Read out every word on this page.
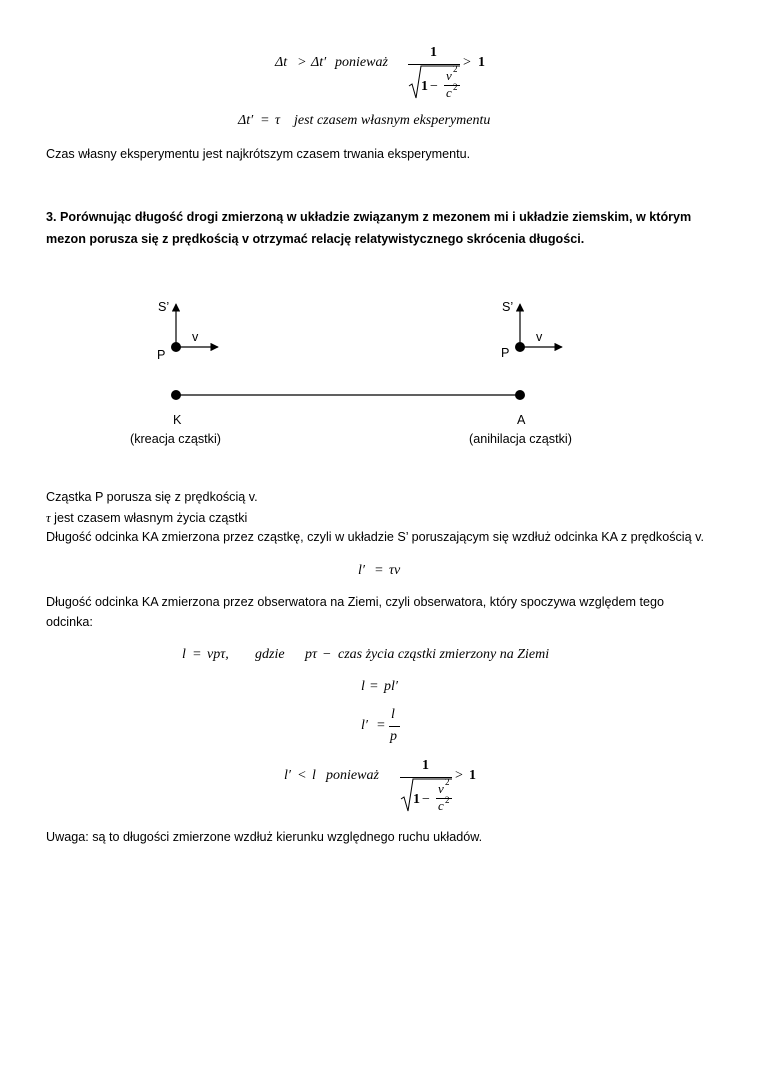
Δt > Δt′ ponieważ
1
1 −
v 2
c 2
> 1
Δt′ = τ jest czasem własnym eksperymentu
Czas własny eksperymentu jest najkrótszym czasem trwania eksperymentu.
3. Porównując długość drogi zmierzoną w układzie związanym z mezonem mi i układzie ziemskim, w którym
mezon porusza się z prędkością v otrzymać relację relatywistycznego skrócenia długości.
S’
v
P
S’
v
P
K
(kreacja cząstki)
A
(anihilacja cząstki)
Cząstka P porusza się z prędkością v.
τ jest czasem własnym życia cząstki
Długość odcinka KA zmierzona przez cząstkę, czyli w układzie S’ poruszającym się wzdłuż odcinka KA z prędkością v.
l′ = τv
Długość odcinka KA zmierzona przez obserwatora na Ziemi, czyli obserwatora, który spoczywa względem tego
odcinka:
l = vpτ, gdzie pτ − czas życia cząstki zmierzony na Ziemi
l = pl′
l′ =
l
p
l′ < l ponieważ
1
1 −
v 2
c 2
> 1
Uwaga: są to długości zmierzone wzdłuż kierunku względnego ruchu układów.
